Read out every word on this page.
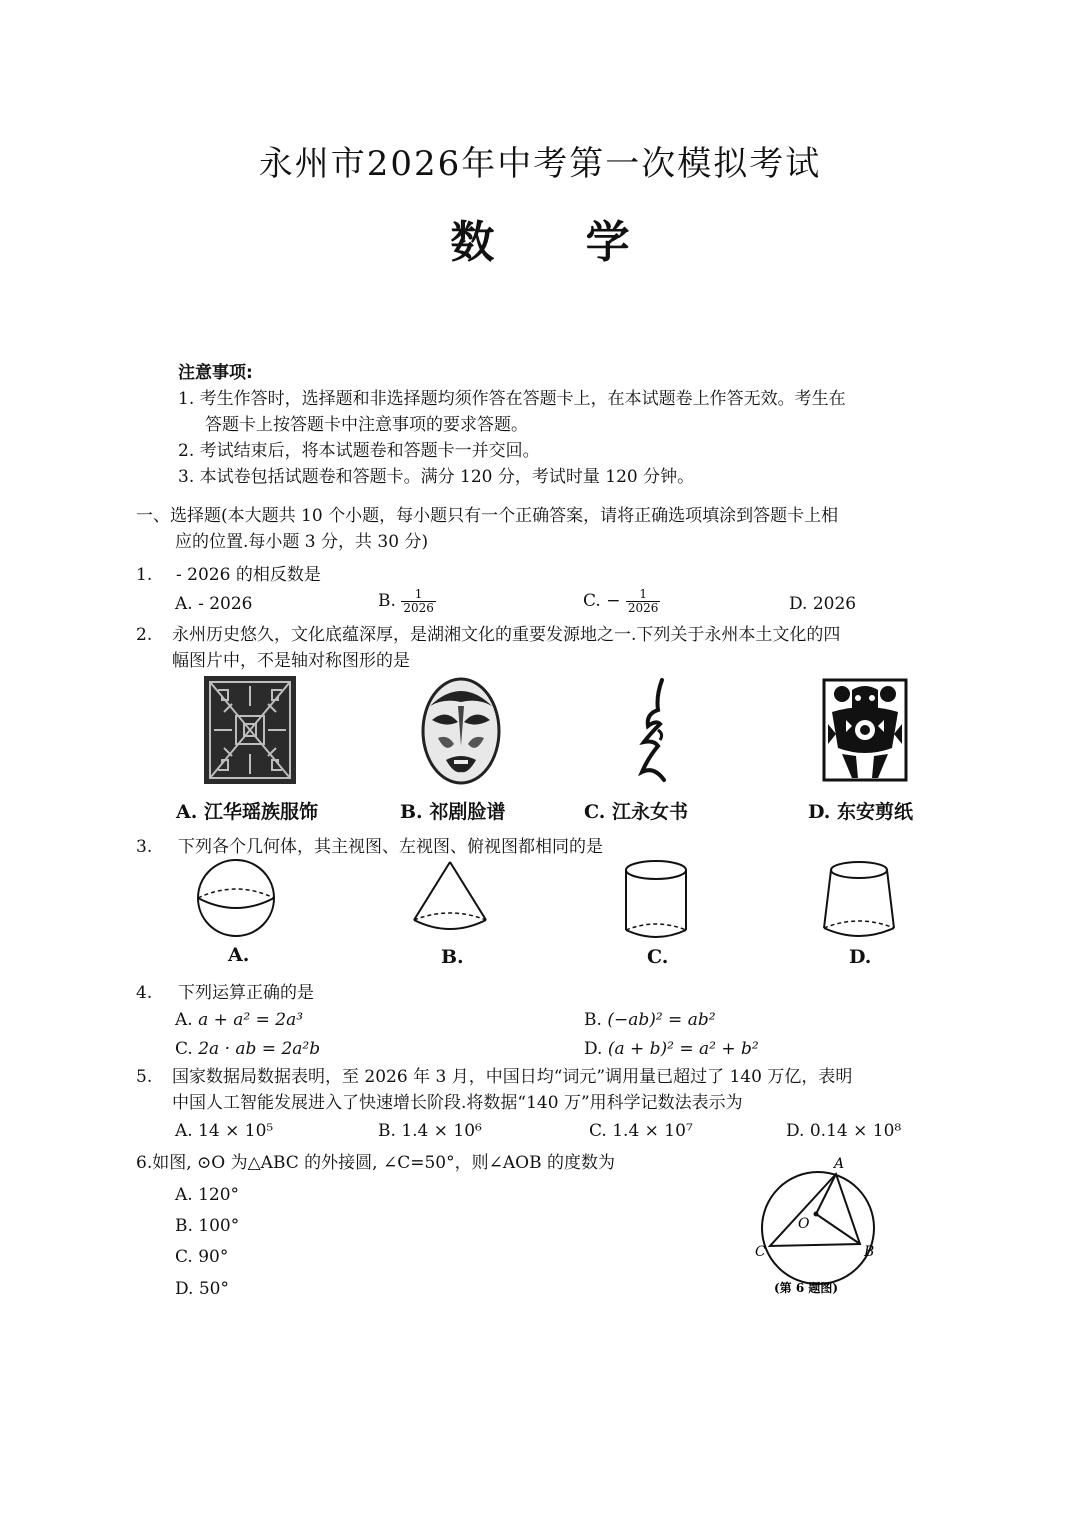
永州市2026年中考第一次模拟考试
数 学
注意事项:
1. 考生作答时，选择题和非选择题均须作答在答题卡上，在本试题卷上作答无效。考生在
答题卡上按答题卡中注意事项的要求答题。
2. 考试结束后，将本试题卷和答题卡一并交回。
3. 本试卷包括试题卷和答题卡。满分 120 分，考试时量 120 分钟。
一、选择题(本大题共 10 个小题，每小题只有一个正确答案，请将正确选项填涂到答题卡上相
应的位置.每小题 3 分，共 30 分)
1. - 2026 的相反数是
A. - 2026	B. $\frac{1}{2026}$	C. − $\frac{1}{2026}$	D. 2026
2. 永州历史悠久，文化底蕴深厚，是湖湘文化的重要发源地之一.下列关于永州本土文化的四
幅图片中，不是轴对称图形的是
A. 江华瑶族服饰	B. 祁剧脸谱	C. 江永女书	D. 东安剪纸
3. 下列各个几何体，其主视图、左视图、俯视图都相同的是
A.	B.	C.	D.
4. 下列运算正确的是
A. a + a² = 2a³	B. (−ab)² = ab²
C. 2a · ab = 2a²b	D. (a + b)² = a² + b²
5. 国家数据局数据表明，至 2026 年 3 月，中国日均“词元”调用量已超过了 140 万亿，表明
中国人工智能发展进入了快速增长阶段.将数据“140 万”用科学记数法表示为
A. 14 × 10⁵	B. 1.4 × 10⁶	C. 1.4 × 10⁷	D. 0.14 × 10⁸
6.如图, ⊙O 为△ABC 的外接圆, ∠C=50°，则∠AOB 的度数为
A. 120°
B. 100°
C. 90°
D. 50°
A
B
C
O
(第 6 题图)
